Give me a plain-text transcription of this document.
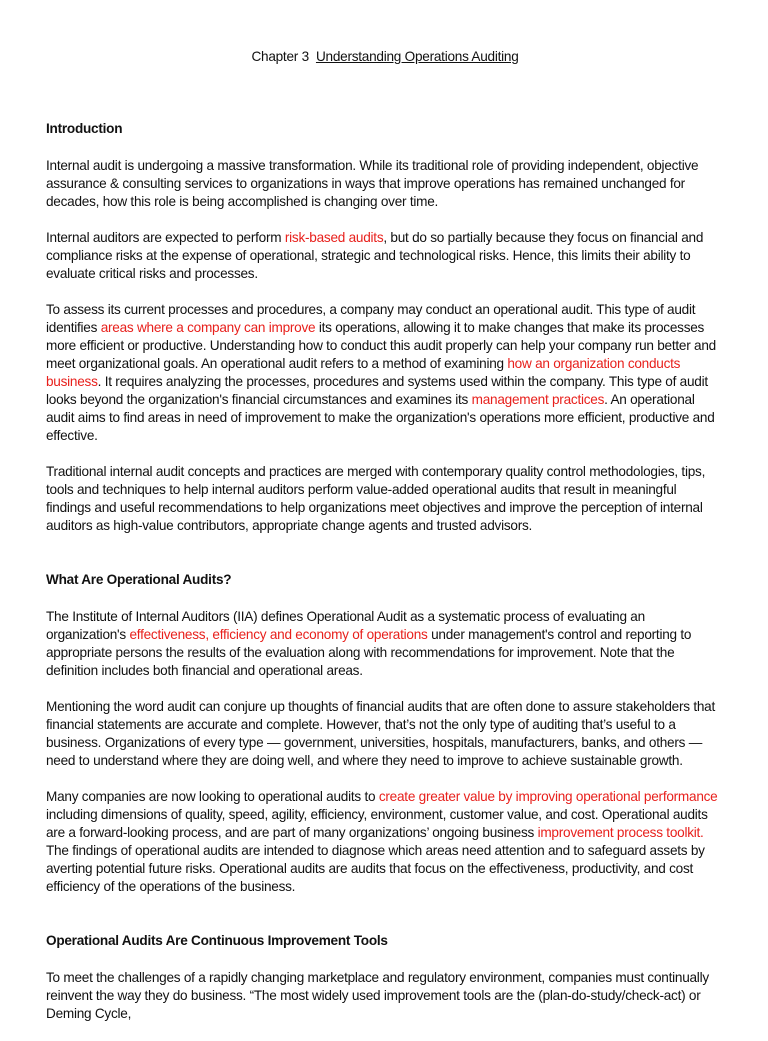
Chapter 3 Understanding Operations Auditing
Introduction
Internal audit is undergoing a massive transformation. While its traditional role of providing independent, objective assurance & consulting services to organizations in ways that improve operations has remained unchanged for decades, how this role is being accomplished is changing over time.
Internal auditors are expected to perform risk-based audits, but do so partially because they focus on financial and compliance risks at the expense of operational, strategic and technological risks. Hence, this limits their ability to evaluate critical risks and processes.
To assess its current processes and procedures, a company may conduct an operational audit. This type of audit identifies areas where a company can improve its operations, allowing it to make changes that make its processes more efficient or productive. Understanding how to conduct this audit properly can help your company run better and meet organizational goals. An operational audit refers to a method of examining how an organization conducts business. It requires analyzing the processes, procedures and systems used within the company. This type of audit looks beyond the organization's financial circumstances and examines its management practices. An operational audit aims to find areas in need of improvement to make the organization's operations more efficient, productive and effective.
Traditional internal audit concepts and practices are merged with contemporary quality control methodologies, tips, tools and techniques to help internal auditors perform value-added operational audits that result in meaningful findings and useful recommendations to help organizations meet objectives and improve the perception of internal auditors as high-value contributors, appropriate change agents and trusted advisors.
What Are Operational Audits?
The Institute of Internal Auditors (IIA) defines Operational Audit as a systematic process of evaluating an organization's effectiveness, efficiency and economy of operations under management's control and reporting to appropriate persons the results of the evaluation along with recommendations for improvement. Note that the definition includes both financial and operational areas.
Mentioning the word audit can conjure up thoughts of financial audits that are often done to assure stakeholders that financial statements are accurate and complete. However, that’s not the only type of auditing that’s useful to a business. Organizations of every type — government, universities, hospitals, manufacturers, banks, and others — need to understand where they are doing well, and where they need to improve to achieve sustainable growth.
Many companies are now looking to operational audits to create greater value by improving operational performance including dimensions of quality, speed, agility, efficiency, environment, customer value, and cost. Operational audits are a forward-looking process, and are part of many organizations’ ongoing business improvement process toolkit. The findings of operational audits are intended to diagnose which areas need attention and to safeguard assets by averting potential future risks. Operational audits are audits that focus on the effectiveness, productivity, and cost efficiency of the operations of the business.
Operational Audits Are Continuous Improvement Tools
To meet the challenges of a rapidly changing marketplace and regulatory environment, companies must continually reinvent the way they do business. “The most widely used improvement tools are the (plan-do-study/check-act) or Deming Cycle,
